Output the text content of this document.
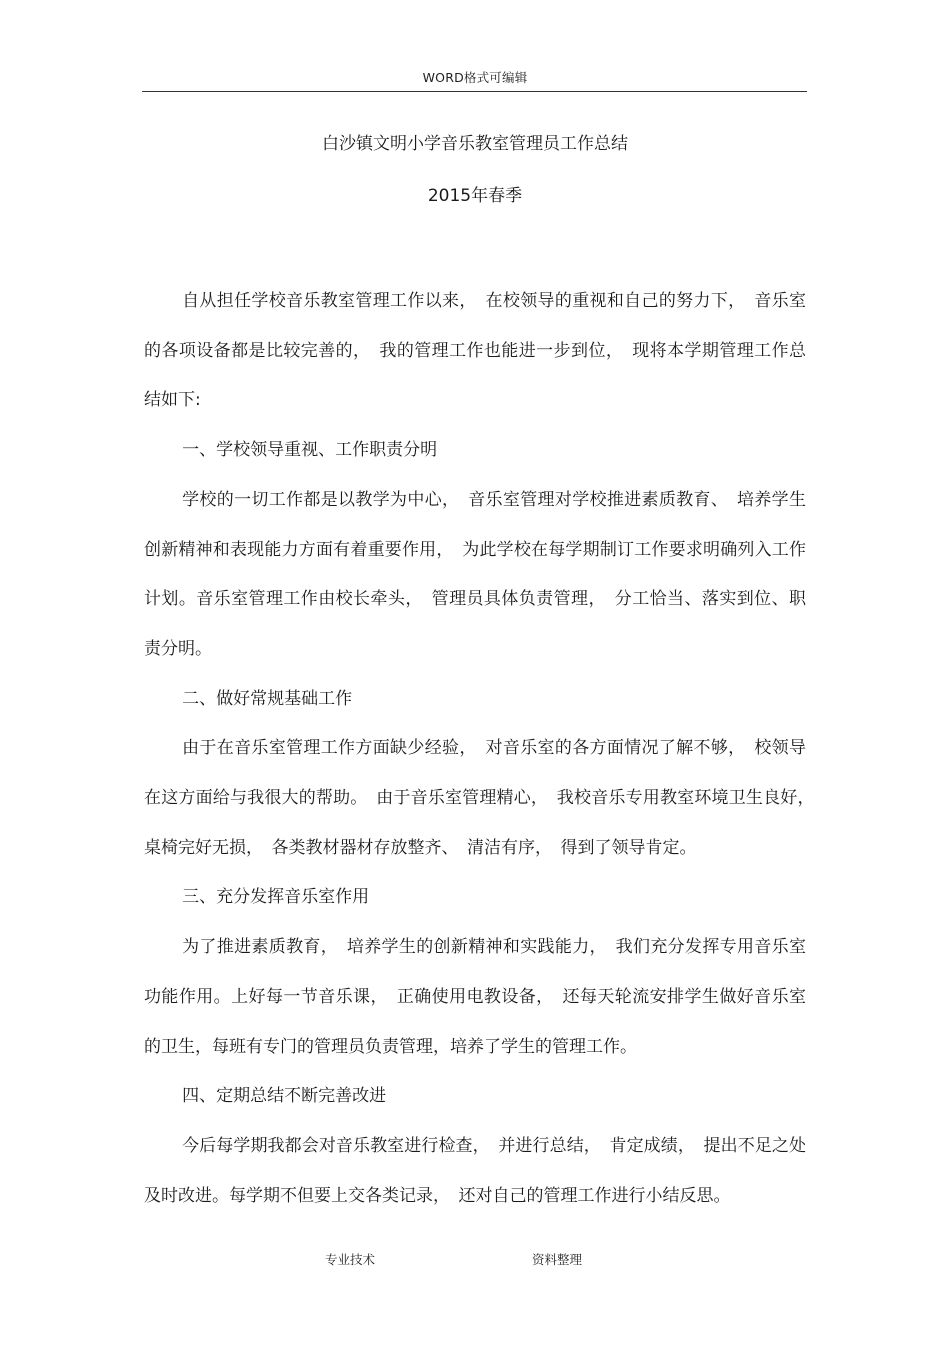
WORD格式可编辑
白沙镇文明小学音乐教室管理员工作总结
2015年春季

自从担任学校音乐教室管理工作以来，　在校领导的重视和自己的努力下，　音乐室的各项设备都是比较完善的，　我的管理工作也能进一步到位，　现将本学期管理工作总结如下:

一、学校领导重视、工作职责分明

学校的一切工作都是以教学为中心，　音乐室管理对学校推进素质教育、　培养学生创新精神和表现能力方面有着重要作用，　为此学校在每学期制订工作要求明确列入工作计划。音乐室管理工作由校长牵头，　管理员具体负责管理，　分工恰当、落实到位、职责分明。

二、做好常规基础工作

由于在音乐室管理工作方面缺少经验，　对音乐室的各方面情况了解不够，　校领导在这方面给与我很大的帮助。　由于音乐室管理精心，　我校音乐专用教室环境卫生良好，　桌椅完好无损，　各类教材器材存放整齐、　清洁有序，　得到了领导肯定。

三、充分发挥音乐室作用

为了推进素质教育，　培养学生的创新精神和实践能力，　我们充分发挥专用音乐室功能作用。上好每一节音乐课，　正确使用电教设备，　还每天轮流安排学生做好音乐室的卫生，每班有专门的管理员负责管理，培养了学生的管理工作。

四、定期总结不断完善改进

今后每学期我都会对音乐教室进行检查，　并进行总结，　肯定成绩，　提出不足之处及时改进。每学期不但要上交各类记录，　还对自己的管理工作进行小结反思。

专业技术	资料整理
